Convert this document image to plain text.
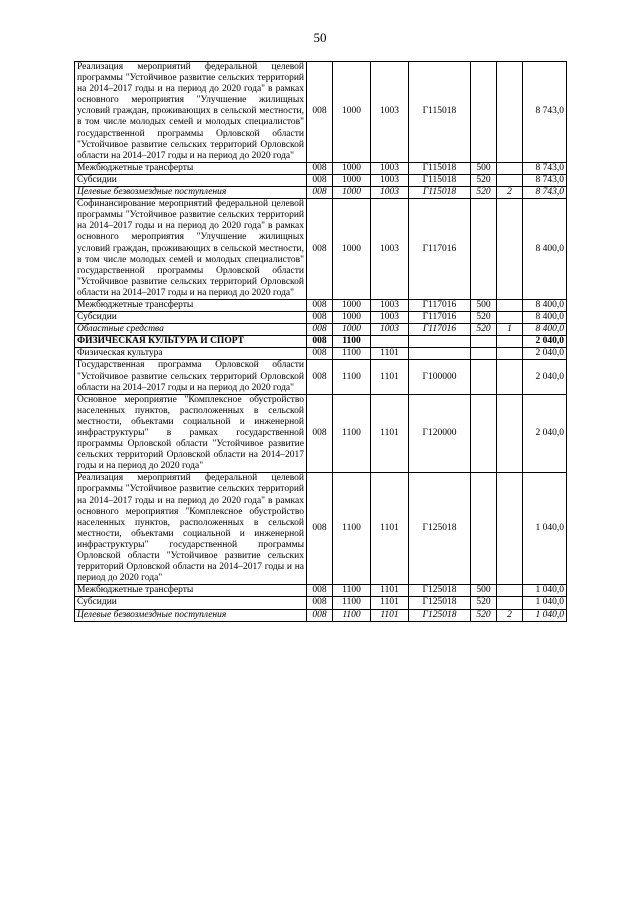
50
Реализация мероприятий федеральной целевой программы "Устойчивое развитие сельских территорий на 2014–2017 годы и на период до 2020 года" в рамках основного мероприятия "Улучшение жилищных условий граждан, проживающих в сельской местности, в том числе молодых семей и молодых специалистов" государственной программы Орловской области "Устойчивое развитие сельских территорий Орловской области на 2014–2017 годы и на период до 2020 года"	008	1000	1003	Г115018			8 743,0
Межбюджетные трансферты	008	1000	1003	Г115018	500		8 743,0
Субсидии	008	1000	1003	Г115018	520		8 743,0
Целевые безвозмездные поступления	008	1000	1003	Г115018	520	2	8 743,0
Софинансирование мероприятий федеральной целевой программы "Устойчивое развитие сельских территорий на 2014–2017 годы и на период до 2020 года" в рамках основного мероприятия "Улучшение жилищных условий граждан, проживающих в сельской местности, в том числе молодых семей и молодых специалистов" государственной программы Орловской области "Устойчивое развитие сельских территорий Орловской области на 2014–2017 годы и на период до 2020 года"	008	1000	1003	Г117016			8 400,0
Межбюджетные трансферты	008	1000	1003	Г117016	500		8 400,0
Субсидии	008	1000	1003	Г117016	520		8 400,0
Областные средства	008	1000	1003	Г117016	520	1	8 400,0
ФИЗИЧЕСКАЯ КУЛЬТУРА И СПОРТ	008	1100					2 040,0
Физическая культура	008	1100	1101				2 040,0
Государственная программа Орловской области "Устойчивое развитие сельских территорий Орловской области на 2014–2017 годы и на период до 2020 года"	008	1100	1101	Г100000			2 040,0
Основное мероприятие "Комплексное обустройство населенных пунктов, расположенных в сельской местности, объектами социальной и инженерной инфраструктуры" в рамках государственной программы Орловской области "Устойчивое развитие сельских территорий Орловской области на 2014–2017 годы и на период до 2020 года"	008	1100	1101	Г120000			2 040,0
Реализация мероприятий федеральной целевой программы "Устойчивое развитие сельских территорий на 2014–2017 годы и на период до 2020 года" в рамках основного мероприятия "Комплексное обустройство населенных пунктов, расположенных в сельской местности, объектами социальной и инженерной инфраструктуры" государственной программы Орловской области "Устойчивое развитие сельских территорий Орловской области на 2014–2017 годы и на период до 2020 года"	008	1100	1101	Г125018			1 040,0
Межбюджетные трансферты	008	1100	1101	Г125018	500		1 040,0
Субсидии	008	1100	1101	Г125018	520		1 040,0
Целевые безвозмездные поступления	008	1100	1101	Г125018	520	2	1 040,0
